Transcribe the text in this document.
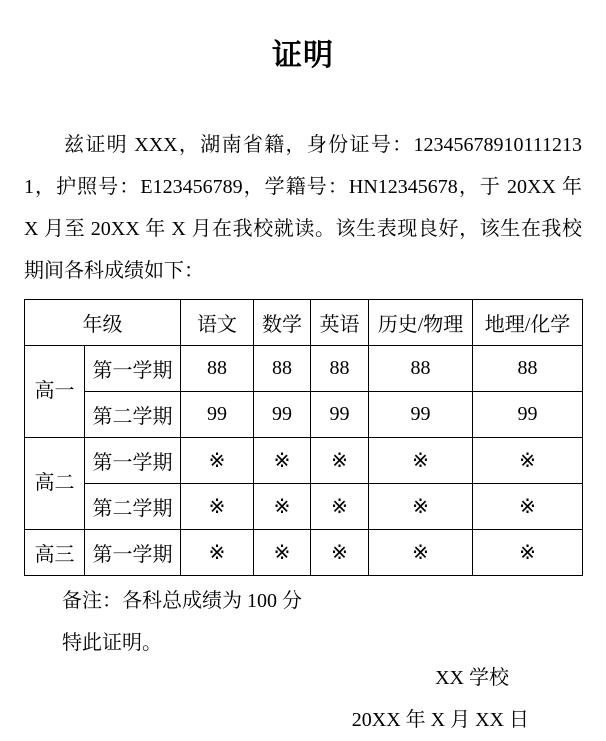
证明

兹证明 XXX，湖南省籍，身份证号：123456789101112131，护照号：E123456789，学籍号：HN12345678，于 20XX 年 X 月至 20XX 年 X 月在我校就读。该生表现良好，该生在我校期间各科成绩如下：

年级		语文	数学	英语	历史/物理	地理/化学
高一	第一学期	88	88	88	88	88
	第二学期	99	99	99	99	99
高二	第一学期	※	※	※	※	※
	第二学期	※	※	※	※	※
高三	第一学期	※	※	※	※	※
备注：各科总成绩为 100 分
特此证明。
XX 学校
20XX 年 X 月 XX 日
